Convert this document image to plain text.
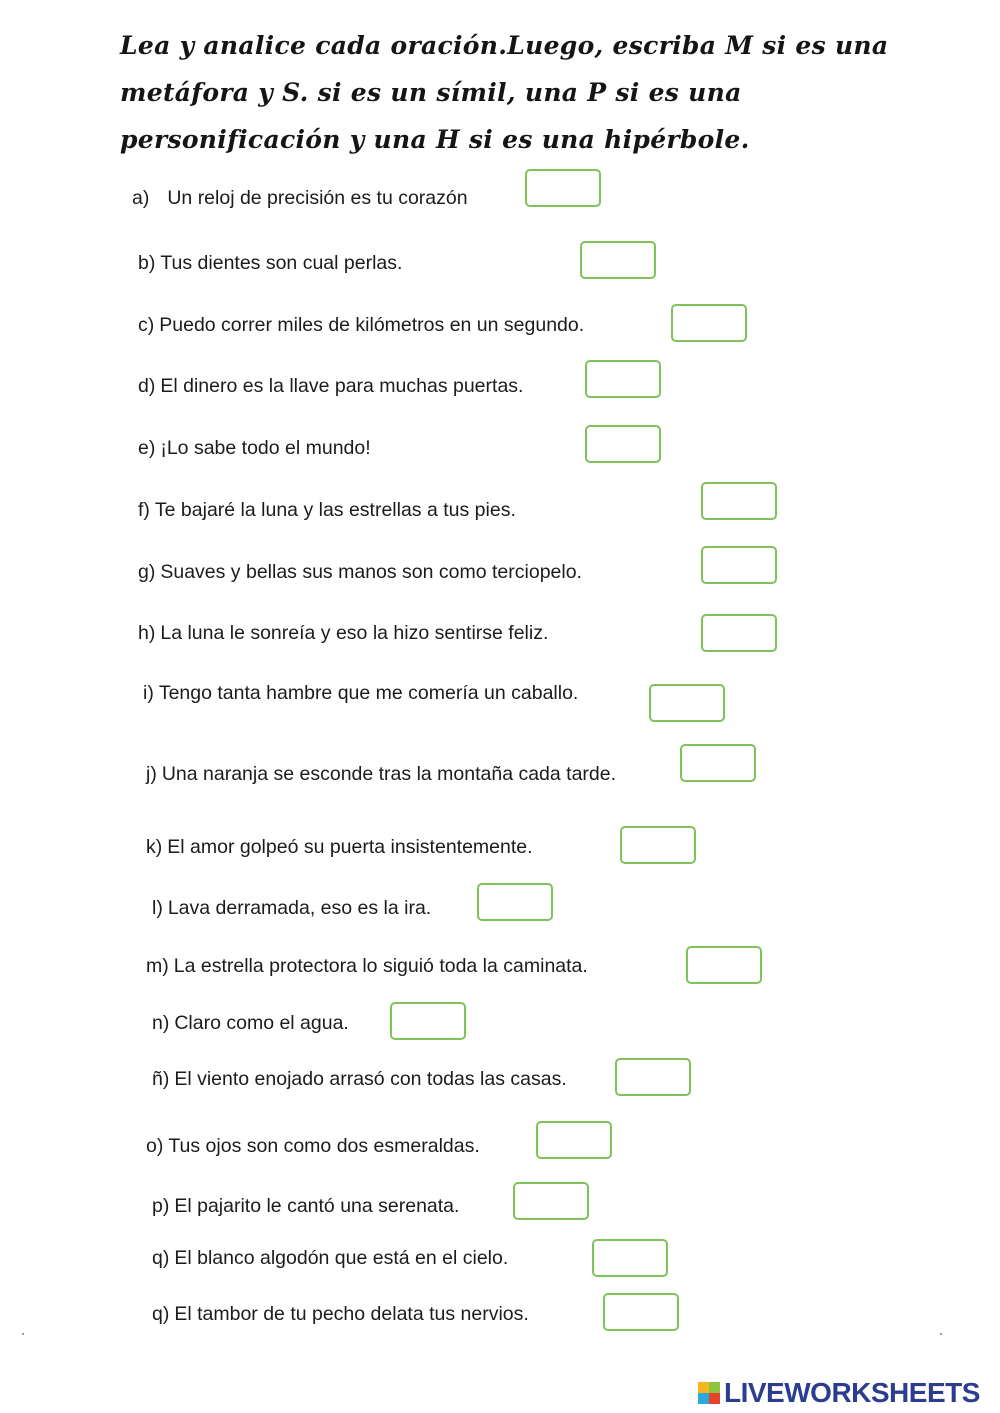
Lea y analice cada oración.Luego, escriba M si es una metáfora y S. si es un símil, una P si es una personificación y una H si es una hipérbole.

a) Un reloj de precisión es tu corazón
b) Tus dientes son cual perlas.
c) Puedo correr miles de kilómetros en un segundo.
d) El dinero es la llave para muchas puertas.
e) ¡Lo sabe todo el mundo!
f) Te bajaré la luna y las estrellas a tus pies.
g) Suaves y bellas sus manos son como terciopelo.
h) La luna le sonreía y eso la hizo sentirse feliz.
i) Tengo tanta hambre que me comería un caballo.
j) Una naranja se esconde tras la montaña cada tarde.
k) El amor golpeó su puerta insistentemente.
l) Lava derramada, eso es la ira.
m) La estrella protectora lo siguió toda la caminata.
n) Claro como el agua.
ñ) El viento enojado arrasó con todas las casas.
o) Tus ojos son como dos esmeraldas.
p) El pajarito le cantó una serenata.
q) El blanco algodón que está en el cielo.
q) El tambor de tu pecho delata tus nervios.
LIVEWORKSHEETS
